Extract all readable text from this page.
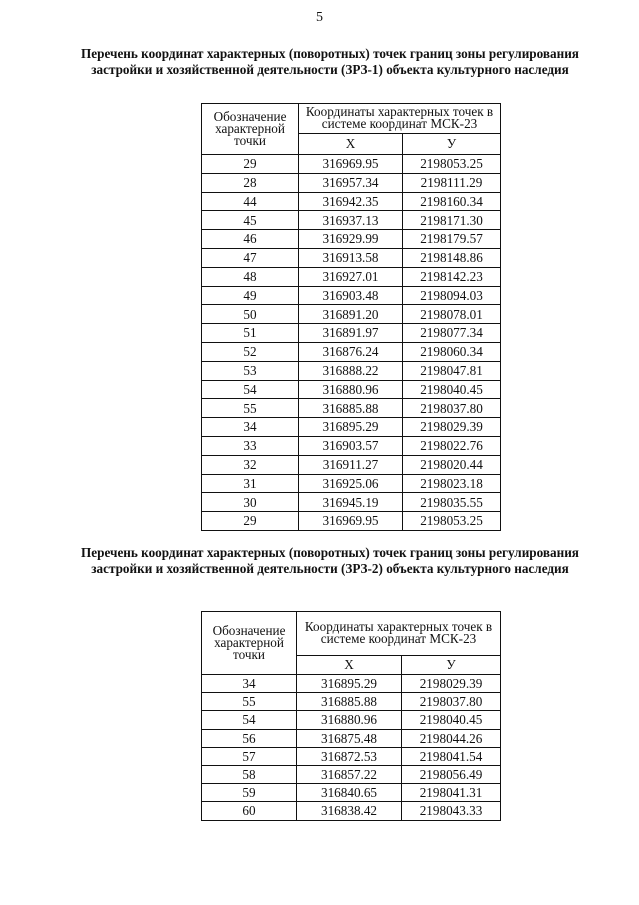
5

Перечень координат характерных (поворотных) точек границ зоны регулирования застройки и хозяйственной деятельности (ЗРЗ-1) объекта культурного наследия

Обозначение характерной точки	Координаты характерных точек в системе координат МСК-23	
	Х	У
29	316969.95	2198053.25
28	316957.34	2198111.29
44	316942.35	2198160.34
45	316937.13	2198171.30
46	316929.99	2198179.57
47	316913.58	2198148.86
48	316927.01	2198142.23
49	316903.48	2198094.03
50	316891.20	2198078.01
51	316891.97	2198077.34
52	316876.24	2198060.34
53	316888.22	2198047.81
54	316880.96	2198040.45
55	316885.88	2198037.80
34	316895.29	2198029.39
33	316903.57	2198022.76
32	316911.27	2198020.44
31	316925.06	2198023.18
30	316945.19	2198035.55
29	316969.95	2198053.25

Перечень координат характерных (поворотных) точек границ зоны регулирования застройки и хозяйственной деятельности (ЗРЗ-2) объекта культурного наследия

Обозначение характерной точки	Координаты характерных точек в системе координат МСК-23	
	Х	У
34	316895.29	2198029.39
55	316885.88	2198037.80
54	316880.96	2198040.45
56	316875.48	2198044.26
57	316872.53	2198041.54
58	316857.22	2198056.49
59	316840.65	2198041.31
60	316838.42	2198043.33
